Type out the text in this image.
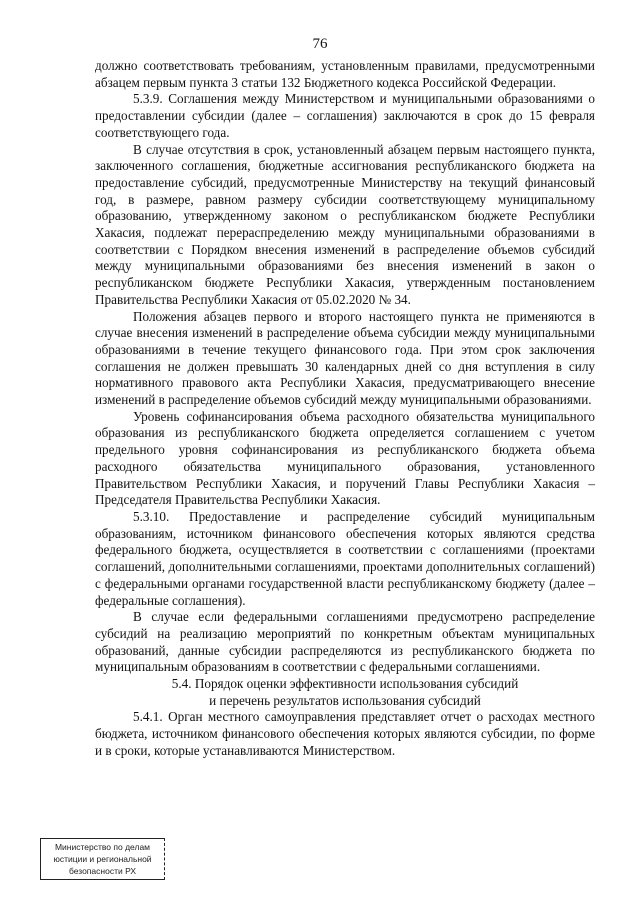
76

должно соответствовать требованиям, установленным правилами, предусмотренными абзацем первым пункта 3 статьи 132 Бюджетного кодекса Российской Федерации.

5.3.9. Соглашения между Министерством и муниципальными образованиями о предоставлении субсидии (далее – соглашения) заключаются в срок до 15 февраля соответствующего года.

В случае отсутствия в срок, установленный абзацем первым настоящего пункта, заключенного соглашения, бюджетные ассигнования республиканского бюджета на предоставление субсидий, предусмотренные Министерству на текущий финансовый год, в размере, равном размеру субсидии соответствующему муниципальному образованию, утвержденному законом о республиканском бюджете Республики Хакасия, подлежат перераспределению между муниципальными образованиями в соответствии с Порядком внесения изменений в распределение объемов субсидий между муниципальными образованиями без внесения изменений в закон о республиканском бюджете Республики Хакасия, утвержденным постановлением Правительства Республики Хакасия от 05.02.2020 № 34.

Положения абзацев первого и второго настоящего пункта не применяются в случае внесения изменений в распределение объема субсидии между муниципальными образованиями в течение текущего финансового года. При этом срок заключения соглашения не должен превышать 30 календарных дней со дня вступления в силу нормативного правового акта Республики Хакасия, предусматривающего внесение изменений в распределение объемов субсидий между муниципальными образованиями.

Уровень софинансирования объема расходного обязательства муниципального образования из республиканского бюджета определяется соглашением с учетом предельного уровня софинансирования из республиканского бюджета объема расходного обязательства муниципального образования, установленного Правительством Республики Хакасия, и поручений Главы Республики Хакасия – Председателя Правительства Республики Хакасия.

5.3.10. Предоставление и распределение субсидий муниципальным образованиям, источником финансового обеспечения которых являются средства федерального бюджета, осуществляется в соответствии с соглашениями (проектами соглашений, дополнительными соглашениями, проектами дополнительных соглашений) с федеральными органами государственной власти республиканскому бюджету (далее – федеральные соглашения).

В случае если федеральными соглашениями предусмотрено распределение субсидий на реализацию мероприятий по конкретным объектам муниципальных образований, данные субсидии распределяются из республиканского бюджета по муниципальным образованиям в соответствии с федеральными соглашениями.

5.4. Порядок оценки эффективности использования субсидий
и перечень результатов использования субсидий

5.4.1. Орган местного самоуправления представляет отчет о расходах местного бюджета, источником финансового обеспечения которых являются субсидии, по форме и в сроки, которые устанавливаются Министерством.

Министерство по делам
юстиции и региональной
безопасности РХ
